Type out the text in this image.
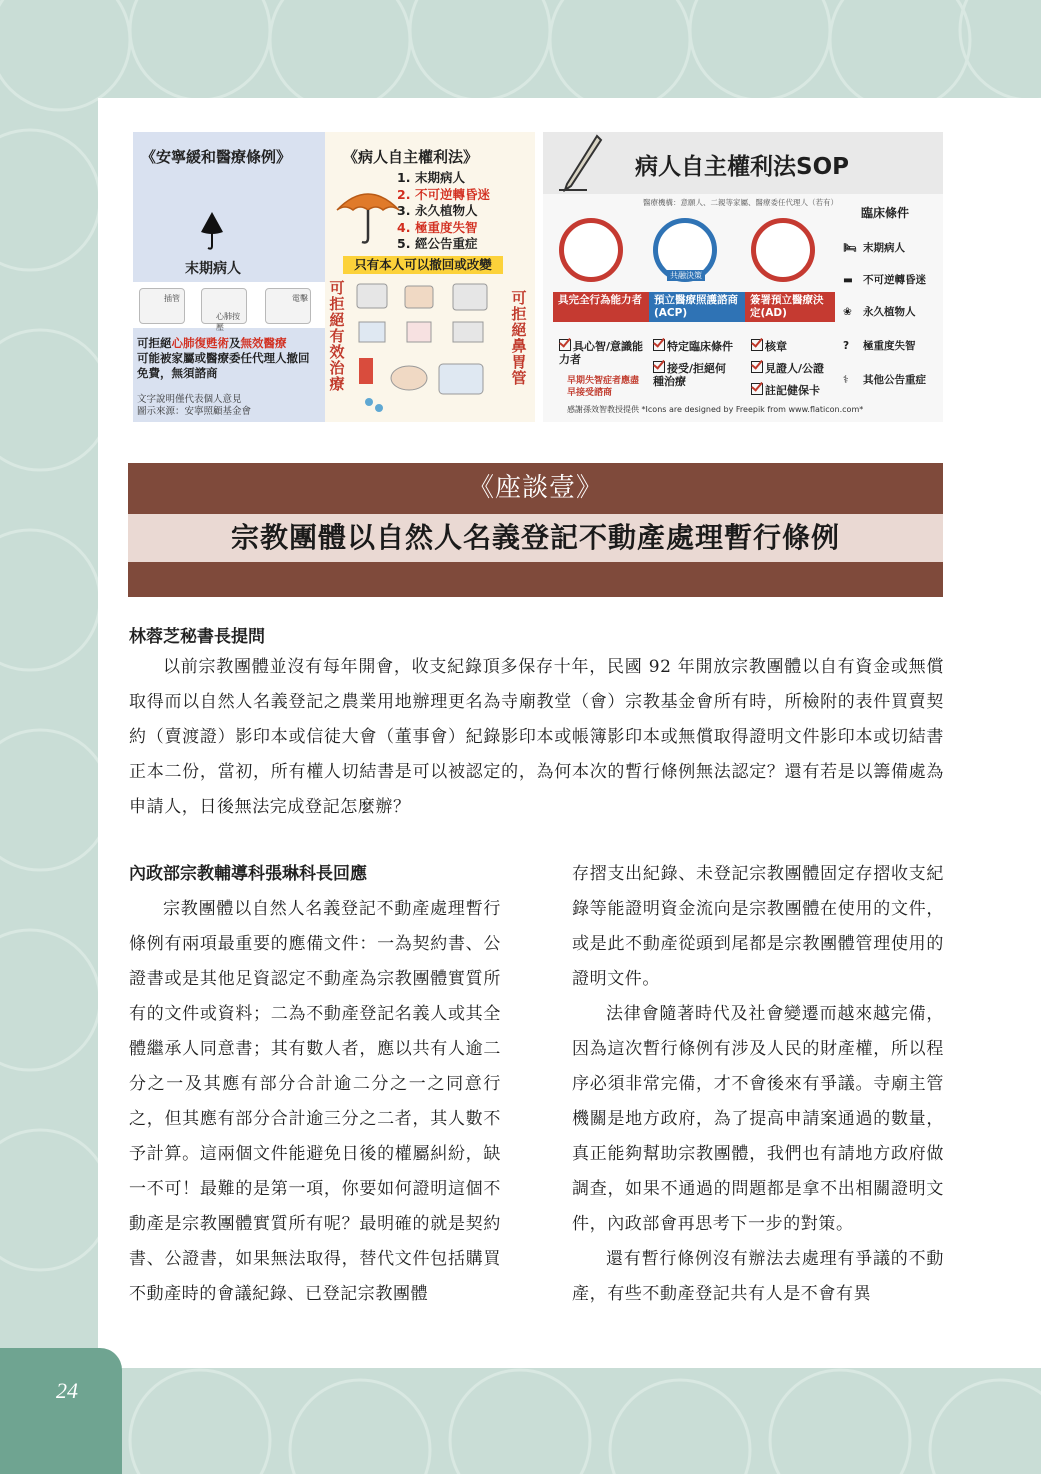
《安寧緩和醫療條例》
末期病人
插管
心肺按壓
電擊
可拒絕心肺復甦術及無效醫療
可能被家屬或醫療委任代理人撤回
免費，無須諮商
文字說明僅代表個人意見
圖示來源：安寧照顧基金會
《病人自主權利法》
1. 末期病人
2. 不可逆轉昏迷
3. 永久植物人
4. 極重度失智
5. 經公告重症
只有本人可以撤回或改變
可拒絕有效治療
可拒絕鼻胃管
病人自主權利法SOP
醫療機構：意願人、二親等家屬、醫療委任代理人（若有）
共融決策
具完全行為能力者	預立醫療照護諮商(ACP)
簽署預立醫療決定(AD)
具心智/意識能力者
特定臨床條件	核章
接受/拒絕何種治療
見證人/公證
註記健保卡
早期失智症者應盡早接受諮商
感謝孫效智教授提供 *Icons are designed by Freepik from www.flaticon.com*
臨床條件
🛏 末期病人
▬ 不可逆轉昏迷
❀ 永久植物人
? 極重度失智
⚕ 其他公告重症
《座談壹》
宗教團體以自然人名義登記不動產處理暫行條例
林蓉芝秘書長提問

以前宗教團體並沒有每年開會，收支紀錄頂多保存十年，民國 92 年開放宗教團體以自有資金或無償取得而以自然人名義登記之農業用地辦理更名為寺廟教堂（會）宗教基金會所有時，所檢附的表件買賣契約（賣渡證）影印本或信徒大會（董事會）紀錄影印本或帳簿影印本或無償取得證明文件影印本或切結書正本二份，當初，所有權人切結書是可以被認定的，為何本次的暫行條例無法認定？還有若是以籌備處為申請人，日後無法完成登記怎麼辦？

內政部宗教輔導科張琳科長回應

宗教團體以自然人名義登記不動產處理暫行條例有兩項最重要的應備文件：一為契約書、公證書或是其他足資認定不動產為宗教團體實質所有的文件或資料；二為不動產登記名義人或其全體繼承人同意書；其有數人者，應以共有人逾二分之一及其應有部分合計逾二分之一之同意行之，但其應有部分合計逾三分之二者，其人數不予計算。這兩個文件能避免日後的權屬糾紛，缺一不可！最難的是第一項，你要如何證明這個不動產是宗教團體實質所有呢？最明確的就是契約書、公證書，如果無法取得，替代文件包括購買不動產時的會議紀錄、已登記宗教團體

存摺支出紀錄、未登記宗教團體固定存摺收支紀錄等能證明資金流向是宗教團體在使用的文件，或是此不動產從頭到尾都是宗教團體管理使用的證明文件。

法律會隨著時代及社會變遷而越來越完備，因為這次暫行條例有涉及人民的財產權，所以程序必須非常完備，才不會後來有爭議。寺廟主管機關是地方政府，為了提高申請案通過的數量，真正能夠幫助宗教團體，我們也有請地方政府做調查，如果不通過的問題都是拿不出相關證明文件，內政部會再思考下一步的對策。

還有暫行條例沒有辦法去處理有爭議的不動產，有些不動產登記共有人是不會有異

24
